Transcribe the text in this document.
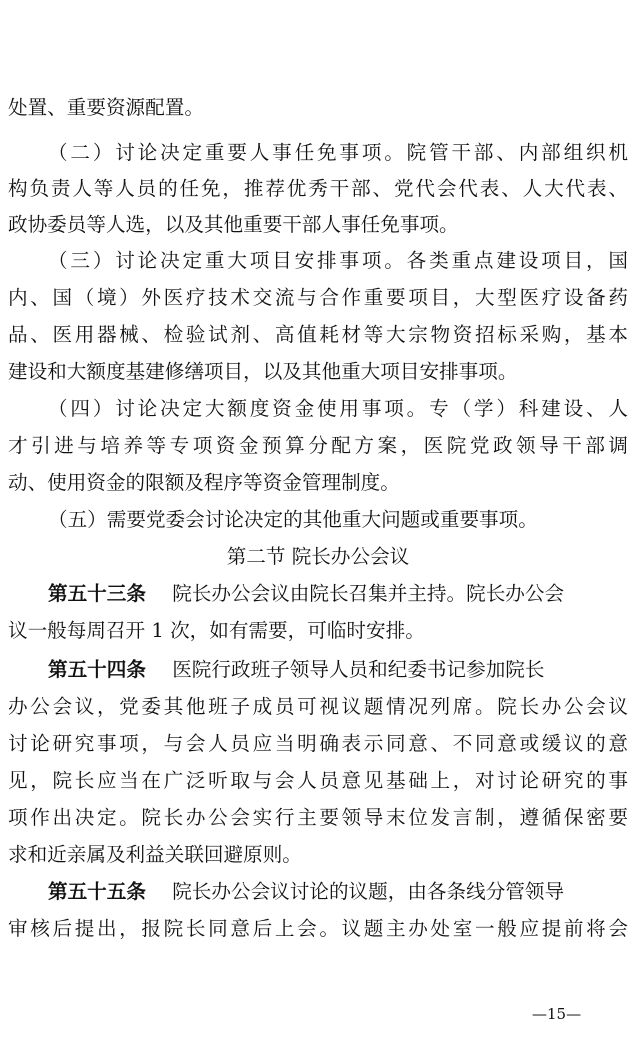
处置、重要资源配置。
（二）讨论决定重要人事任免事项。院管干部、内部组织机
构负责人等人员的任免，推荐优秀干部、党代会代表、人大代表、
政协委员等人选，以及其他重要干部人事任免事项。
（三）讨论决定重大项目安排事项。各类重点建设项目，国
内、国（境）外医疗技术交流与合作重要项目，大型医疗设备药
品、医用器械、检验试剂、高值耗材等大宗物资招标采购，基本
建设和大额度基建修缮项目，以及其他重大项目安排事项。
（四）讨论决定大额度资金使用事项。专（学）科建设、人
才引进与培养等专项资金预算分配方案，医院党政领导干部调
动、使用资金的限额及程序等资金管理制度。
（五）需要党委会讨论决定的其他重大问题或重要事项。
第二节 院长办公会议
第五十三条 院长办公会议由院长召集并主持。院长办公会
议一般每周召开 1 次，如有需要，可临时安排。
第五十四条 医院行政班子领导人员和纪委书记参加院长
办公会议，党委其他班子成员可视议题情况列席。院长办公会议
讨论研究事项，与会人员应当明确表示同意、不同意或缓议的意
见，院长应当在广泛听取与会人员意见基础上，对讨论研究的事
项作出决定。院长办公会实行主要领导末位发言制，遵循保密要
求和近亲属及利益关联回避原则。
第五十五条 院长办公会议讨论的议题，由各条线分管领导
审核后提出，报院长同意后上会。议题主办处室一般应提前将会
—15—
